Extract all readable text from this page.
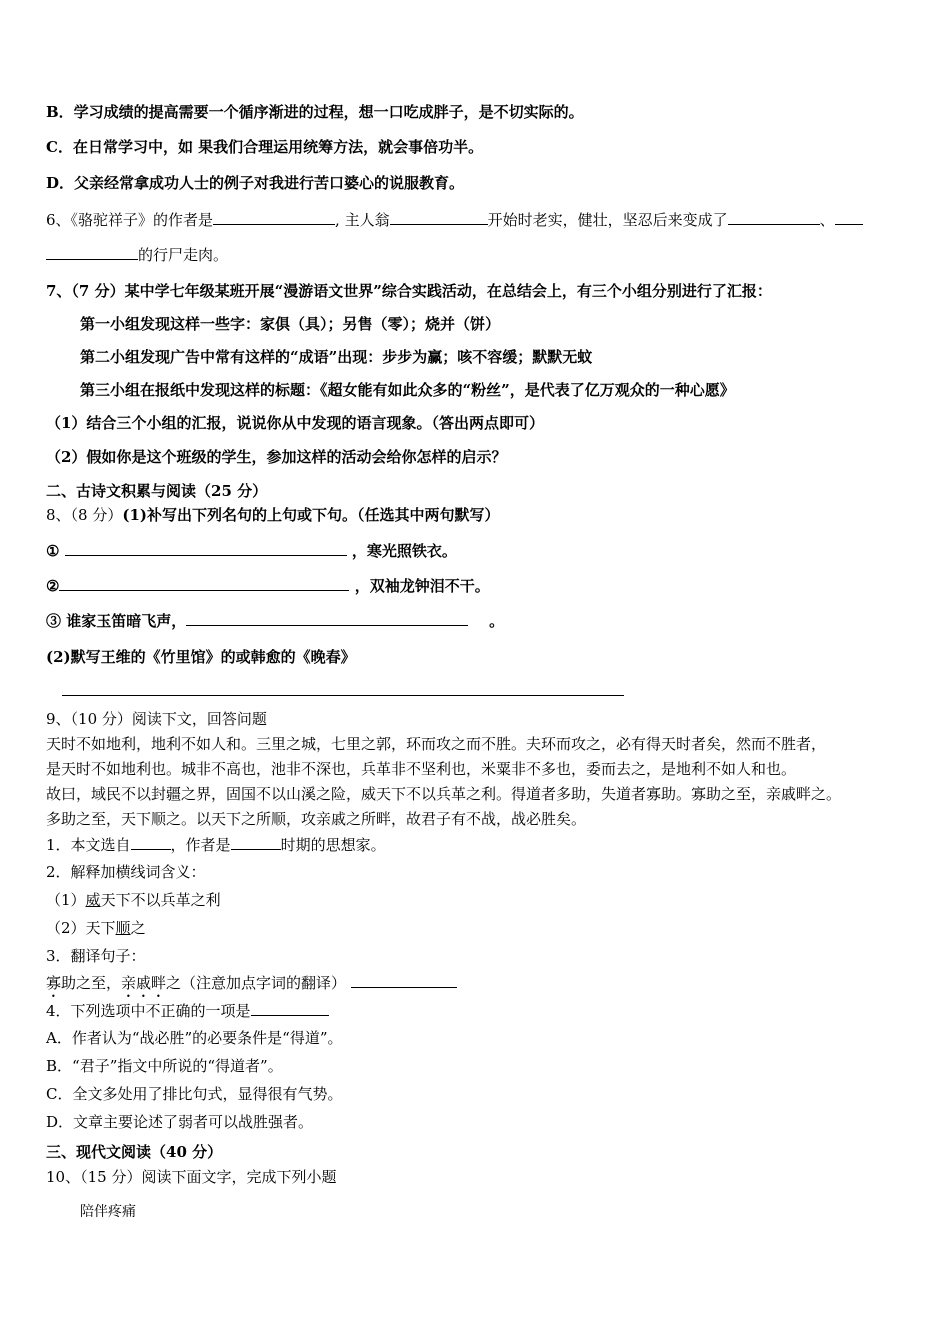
B．学习成绩的提高需要一个循序渐进的过程，想一口吃成胖子，是不切实际的。
C．在日常学习中，如 果我们合理运用统筹方法，就会事倍功半。
D．父亲经常拿成功人士的例子对我进行苦口婆心的说服教育。
6、《骆驼祥子》的作者是	, 主人翁	开始时老实，健壮，坚忍后来变成了	、
的行尸走肉。
7、（7 分）某中学七年级某班开展“漫游语文世界”综合实践活动，在总结会上，有三个小组分别进行了汇报：
第一小组发现这样一些字：家俱（具）；另售（零）；烧并（饼）
第二小组发现广告中常有这样的“成语”出现：步步为赢；咳不容缓；默默无蚊
第三小组在报纸中发现这样的标题：《超女能有如此众多的“粉丝”，是代表了亿万观众的一种心愿》
（1）结合三个小组的汇报，说说你从中发现的语言现象。（答出两点即可）
（2）假如你是这个班级的学生，参加这样的活动会给你怎样的启示？
二、古诗文积累与阅读（25 分）
8、（8 分）(1)补写出下列名句的上句或下句。（任选其中两句默写）
①	，寒光照铁衣。
②	，双袖龙钟泪不干。
③ 谁家玉笛暗飞声，	。
(2)默写王维的《竹里馆》的或韩愈的《晚春》
9、（10 分）阅读下文，回答问题
天时不如地利，地利不如人和。三里之城，七里之郭，环而攻之而不胜。夫环而攻之，必有得天时者矣，然而不胜者，
是天时不如地利也。城非不高也，池非不深也，兵革非不坚利也，米粟非不多也，委而去之，是地利不如人和也。
故曰，域民不以封疆之界，固国不以山溪之险，威天下不以兵革之利。得道者多助，失道者寡助。寡助之至，亲戚畔之。
多助之至，天下顺之。以天下之所顺，攻亲戚之所畔，故君子有不战，战必胜矣。
1．本文选自	，作者是	时期的思想家。
2．解释加横线词含义：
（1）威天下不以兵革之利
（2）天下顺之
3．翻译句子：
寡助之至，亲戚畔之（注意加点字词的翻译）
4．下列选项中不正确的一项是
A．作者认为“战必胜”的必要条件是“得道”。
B．“君子”指文中所说的“得道者”。
C．全文多处用了排比句式，显得很有气势。
D．文章主要论述了弱者可以战胜强者。
三、现代文阅读（40 分）
10、（15 分）阅读下面文字，完成下列小题
陪伴疼痛
